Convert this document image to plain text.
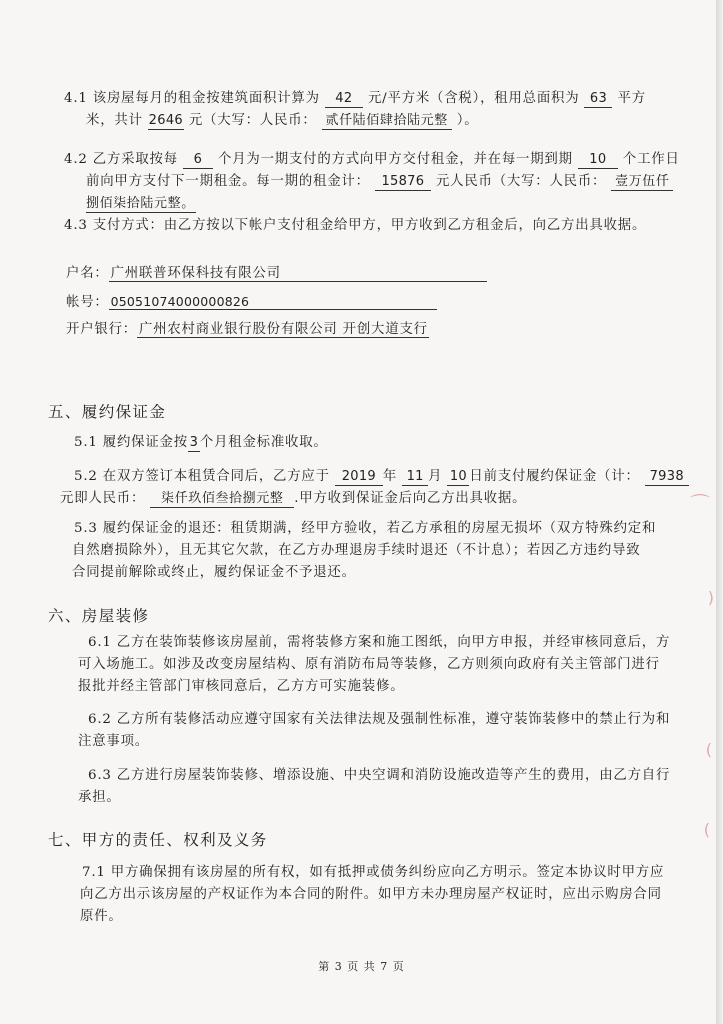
4.1 该房屋每月的租金按建筑面积计算为 42 元/平方米（含税），租用总面积为 63 平方
米，共计 2646 元（大写：人民币： 贰仟陆佰肆拾陆元整 ）。
4.2 乙方采取按每 6 个月为一期支付的方式向甲方交付租金，并在每一期到期 10 个工作日
前向甲方支付下一期租金。每一期的租金计： 15876 元人民币（大写：人民币： 壹万伍仟
捌佰柒拾陆元整。
4.3 支付方式：由乙方按以下帐户支付租金给甲方，甲方收到乙方租金后，向乙方出具收据。
户名： 广州联普环保科技有限公司
帐号： 05051074000000826
开户银行： 广州农村商业银行股份有限公司 开创大道支行
五、履约保证金
5.1 履约保证金按 3 个月租金标准收取。
5.2 在双方签订本租赁合同后，乙方应于 2019 年 11 月 10 日前支付履约保证金（计： 7938
元即人民币： 柒仟玖佰叁拾捌元整 .甲方收到保证金后向乙方出具收据。
5.3 履约保证金的退还：租赁期满，经甲方验收，若乙方承租的房屋无损坏（双方特殊约定和
自然磨损除外），且无其它欠款，在乙方办理退房手续时退还（不计息）；若因乙方违约导致
合同提前解除或终止，履约保证金不予退还。
六、房屋装修
6.1 乙方在装饰装修该房屋前，需将装修方案和施工图纸，向甲方申报，并经审核同意后，方
可入场施工。如涉及改变房屋结构、原有消防布局等装修，乙方则须向政府有关主管部门进行
报批并经主管部门审核同意后，乙方方可实施装修。
6.2 乙方所有装修活动应遵守国家有关法律法规及强制性标准，遵守装饰装修中的禁止行为和
注意事项。
6.3 乙方进行房屋装饰装修、增添设施、中央空调和消防设施改造等产生的费用，由乙方自行
承担。
七、甲方的责任、权利及义务
7.1 甲方确保拥有该房屋的所有权，如有抵押或债务纠纷应向乙方明示。签定本协议时甲方应
向乙方出示该房屋的产权证作为本合同的附件。如甲方未办理房屋产权证时，应出示购房合同
原件。
第 3 页 共 7 页
⌒
)
(
(
